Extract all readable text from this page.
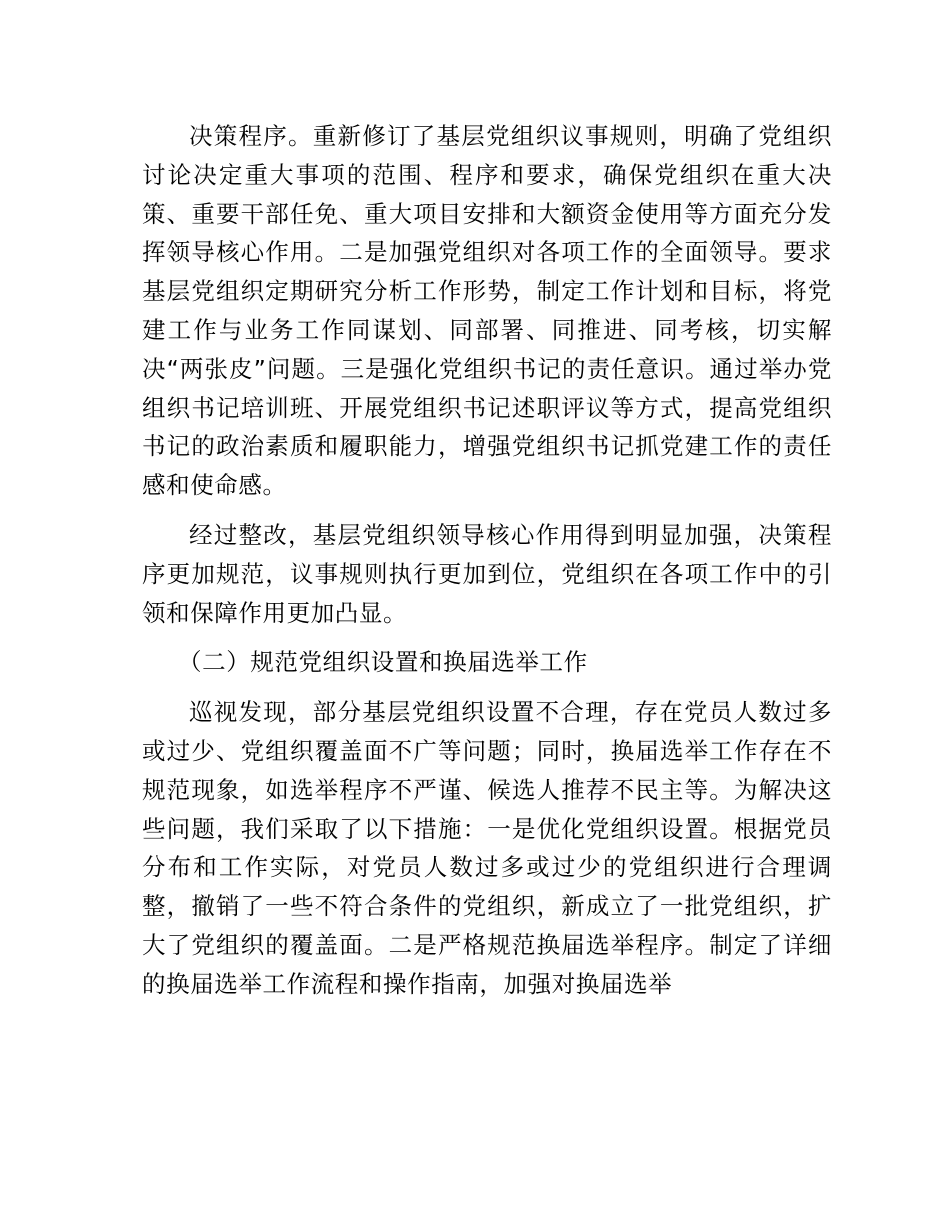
决策程序。重新修订了基层党组织议事规则，明确了党组织讨论决定重大事项的范围、程序和要求，确保党组织在重大决策、重要干部任免、重大项目安排和大额资金使用等方面充分发挥领导核心作用。二是加强党组织对各项工作的全面领导。要求基层党组织定期研究分析工作形势，制定工作计划和目标，将党建工作与业务工作同谋划、同部署、同推进、同考核，切实解决“两张皮”问题。三是强化党组织书记的责任意识。通过举办党组织书记培训班、开展党组织书记述职评议等方式，提高党组织书记的政治素质和履职能力，增强党组织书记抓党建工作的责任感和使命感。

经过整改，基层党组织领导核心作用得到明显加强，决策程序更加规范，议事规则执行更加到位，党组织在各项工作中的引领和保障作用更加凸显。

（二）规范党组织设置和换届选举工作

巡视发现，部分基层党组织设置不合理，存在党员人数过多或过少、党组织覆盖面不广等问题；同时，换届选举工作存在不规范现象，如选举程序不严谨、候选人推荐不民主等。为解决这些问题，我们采取了以下措施：一是优化党组织设置。根据党员分布和工作实际，对党员人数过多或过少的党组织进行合理调整，撤销了一些不符合条件的党组织，新成立了一批党组织，扩大了党组织的覆盖面。二是严格规范换届选举程序。制定了详细的换届选举工作流程和操作指南，加强对换届选举
